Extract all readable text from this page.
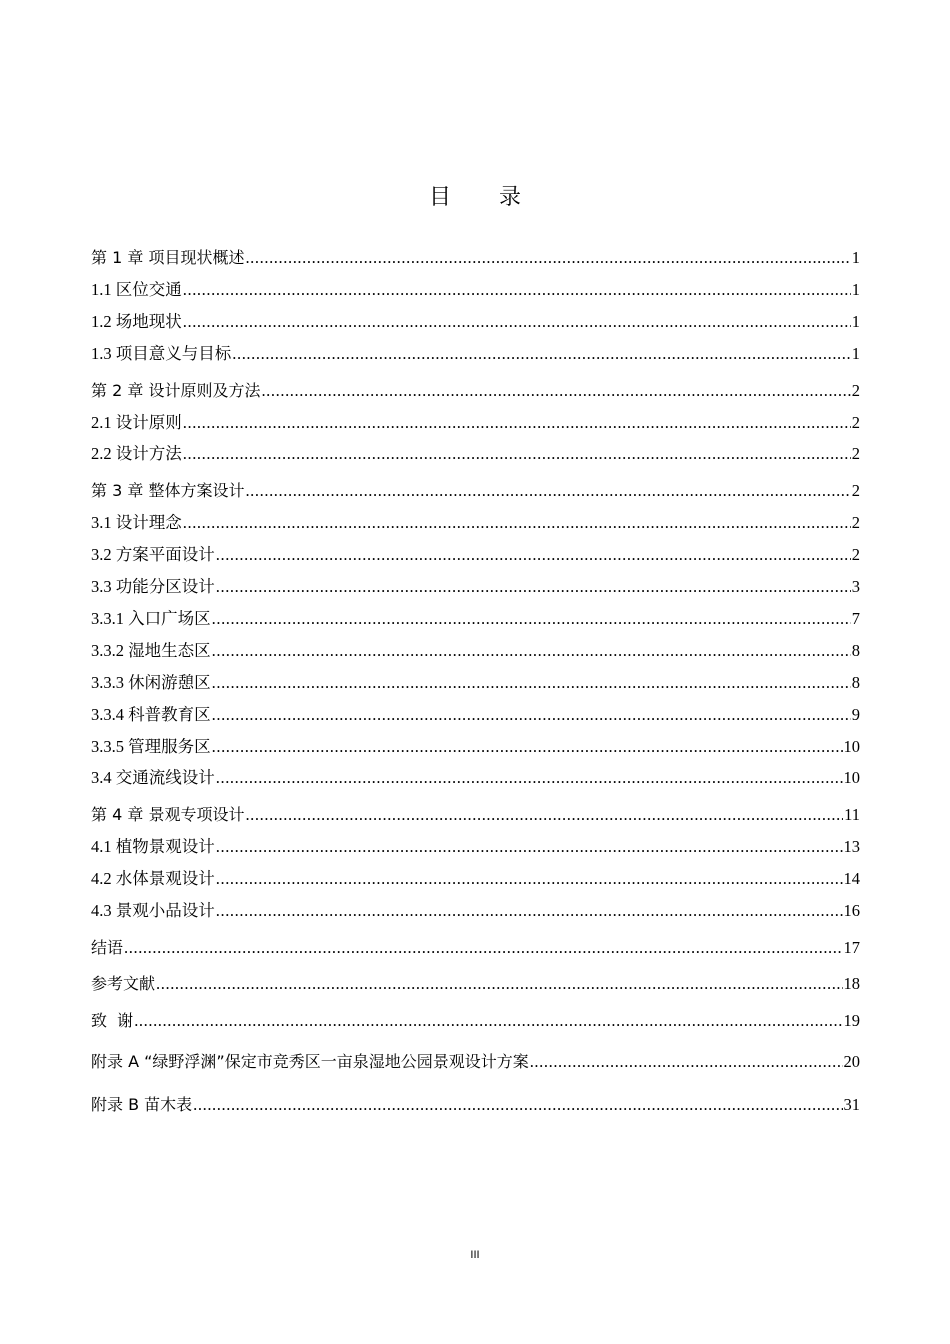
目 录
第 1 章 项目现状概述 .....	1
1.1 区位交通 .....	1
1.2 场地现状 .....	1
1.3 项目意义与目标 .....	1
第 2 章 设计原则及方法 .....	2
2.1 设计原则 .....	2
2.2 设计方法 .....	2
第 3 章 整体方案设计 .....	2
3.1 设计理念 .....	2
3.2 方案平面设计 .....	2
3.3 功能分区设计 .....	3
3.3.1 入口广场区 .....	7
3.3.2 湿地生态区 .....	8
3.3.3 休闲游憩区 .....	8
3.3.4 科普教育区 .....	9
3.3.5 管理服务区 .....	10
3.4 交通流线设计 .....	10
第 4 章 景观专项设计 .....	11
4.1 植物景观设计 .....	13
4.2 水体景观设计 .....	14
4.3 景观小品设计 .....	16
结语 .....	17
参考文献 .....	18
致  谢 .....	19
附录 A “绿野浮渊”保定市竞秀区一亩泉湿地公园景观设计方案 .....	20
附录 B 苗木表 .....	31
III
